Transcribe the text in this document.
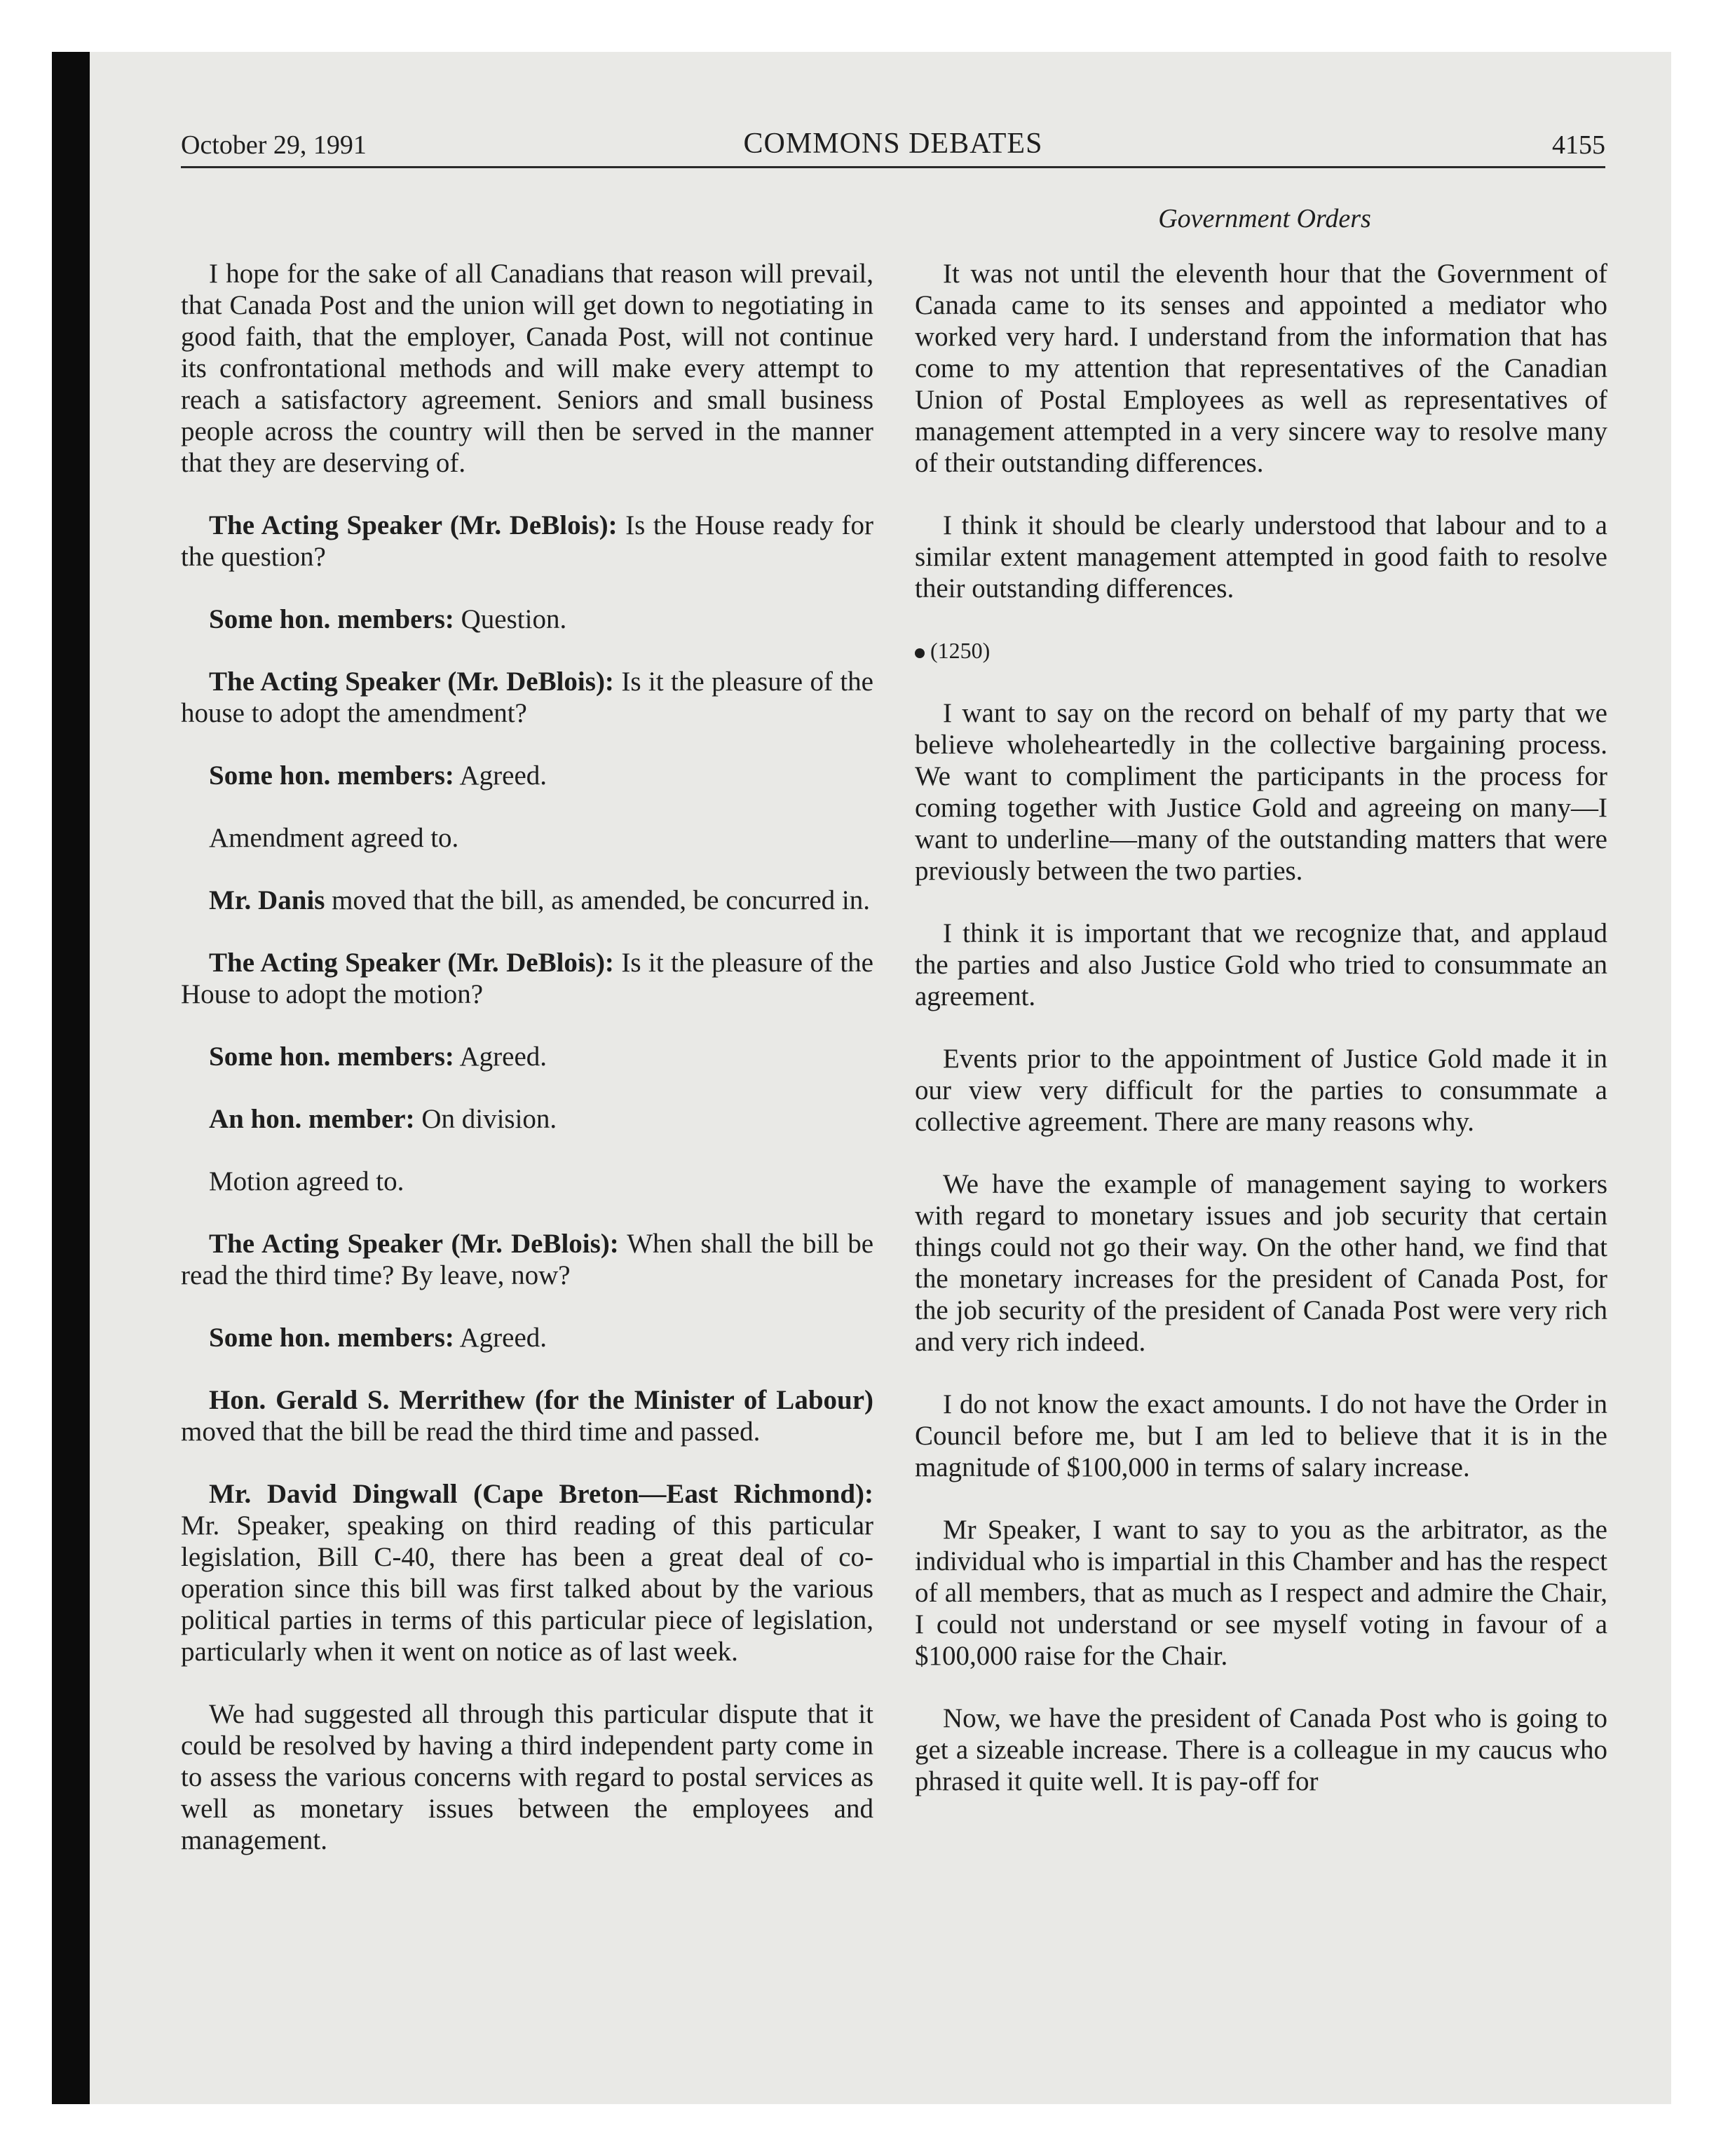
October 29, 1991	COMMONS DEBATES	4155
Government Orders

I hope for the sake of all Canadians that reason will prevail, that Canada Post and the union will get down to negotiating in good faith, that the employer, Canada Post, will not continue its confrontational methods and will make every attempt to reach a satisfactory agreement. Seniors and small business people across the country will then be served in the manner that they are deserving of.

The Acting Speaker (Mr. DeBlois): Is the House ready for the question?

Some hon. members: Question.

The Acting Speaker (Mr. DeBlois): Is it the pleasure of the house to adopt the amendment?

Some hon. members: Agreed.

Amendment agreed to.

Mr. Danis moved that the bill, as amended, be concurred in.

The Acting Speaker (Mr. DeBlois): Is it the pleasure of the House to adopt the motion?

Some hon. members: Agreed.

An hon. member: On division.

Motion agreed to.

The Acting Speaker (Mr. DeBlois): When shall the bill be read the third time? By leave, now?

Some hon. members: Agreed.

Hon. Gerald S. Merrithew (for the Minister of Labour) moved that the bill be read the third time and passed.

Mr. David Dingwall (Cape Breton—East Richmond): Mr. Speaker, speaking on third reading of this particular legislation, Bill C-40, there has been a great deal of co-operation since this bill was first talked about by the various political parties in terms of this particular piece of legislation, particularly when it went on notice as of last week.

We had suggested all through this particular dispute that it could be resolved by having a third independent party come in to assess the various concerns with regard to postal services as well as monetary issues between the employees and management.

It was not until the eleventh hour that the Government of Canada came to its senses and appointed a mediator who worked very hard. I understand from the information that has come to my attention that representatives of the Canadian Union of Postal Employees as well as representatives of management attempted in a very sincere way to resolve many of their outstanding differences.

I think it should be clearly understood that labour and to a similar extent management attempted in good faith to resolve their outstanding differences.

(1250)

I want to say on the record on behalf of my party that we believe wholeheartedly in the collective bargaining process. We want to compliment the participants in the process for coming together with Justice Gold and agreeing on many—I want to underline—many of the outstanding matters that were previously between the two parties.

I think it is important that we recognize that, and applaud the parties and also Justice Gold who tried to consummate an agreement.

Events prior to the appointment of Justice Gold made it in our view very difficult for the parties to consummate a collective agreement. There are many reasons why.

We have the example of management saying to workers with regard to monetary issues and job security that certain things could not go their way. On the other hand, we find that the monetary increases for the president of Canada Post, for the job security of the president of Canada Post were very rich and very rich indeed.

I do not know the exact amounts. I do not have the Order in Council before me, but I am led to believe that it is in the magnitude of $100,000 in terms of salary increase.

Mr Speaker, I want to say to you as the arbitrator, as the individual who is impartial in this Chamber and has the respect of all members, that as much as I respect and admire the Chair, I could not understand or see myself voting in favour of a $100,000 raise for the Chair.

Now, we have the president of Canada Post who is going to get a sizeable increase. There is a colleague in my caucus who phrased it quite well. It is pay-off for
